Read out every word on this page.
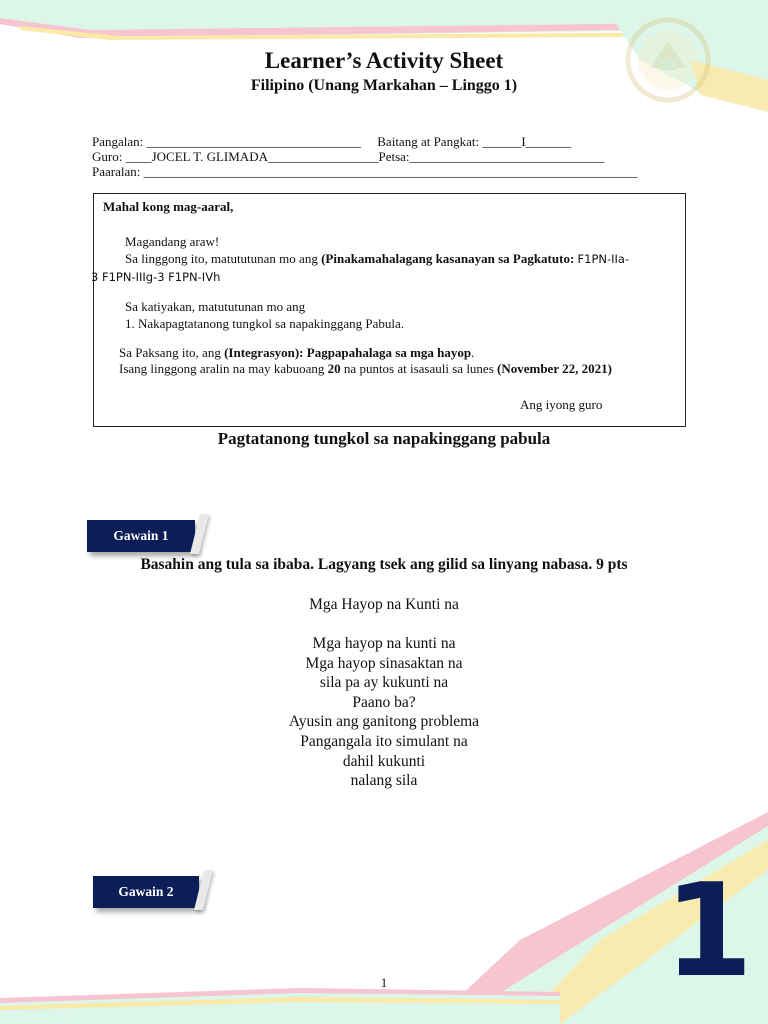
Learner’s Activity Sheet
Filipino (Unang Markahan – Linggo 1)
Pangalan: _________________________________     Baitang at Pangkat: ______I_______
Guro: ____JOCEL T. GLIMADA_________________Petsa:______________________________
Paaralan: ____________________________________________________________________________
Mahal kong mag-aaral,
Magandang araw!
Sa linggong ito, matututunan mo ang (Pinakamahalagang kasanayan sa Pagkatuto: F1PN-IIa-
3 F1PN-IIIg-3 F1PN-IVh
Sa katiyakan, matututunan mo ang
1. Nakapagtatanong tungkol sa napakinggang Pabula.
Sa Paksang ito, ang (Integrasyon): Pagpapahalaga sa mga hayop.
Isang linggong aralin na may kabuoang 20 na puntos at isasauli sa lunes (November 22, 2021)
Ang iyong guro
Pagtatanong tungkol sa napakinggang pabula
Gawain 1
Basahin ang tula sa ibaba. Lagyang tsek ang gilid sa linyang nabasa. 9 pts
Mga Hayop na Kunti na
Mga hayop na kunti na
Mga hayop sinasaktan na
sila pa ay kukunti na
Paano ba?
Ayusin ang ganitong problema
Pangangala ito simulant na
dahil kukunti
nalang sila
Gawain 2
1	1
